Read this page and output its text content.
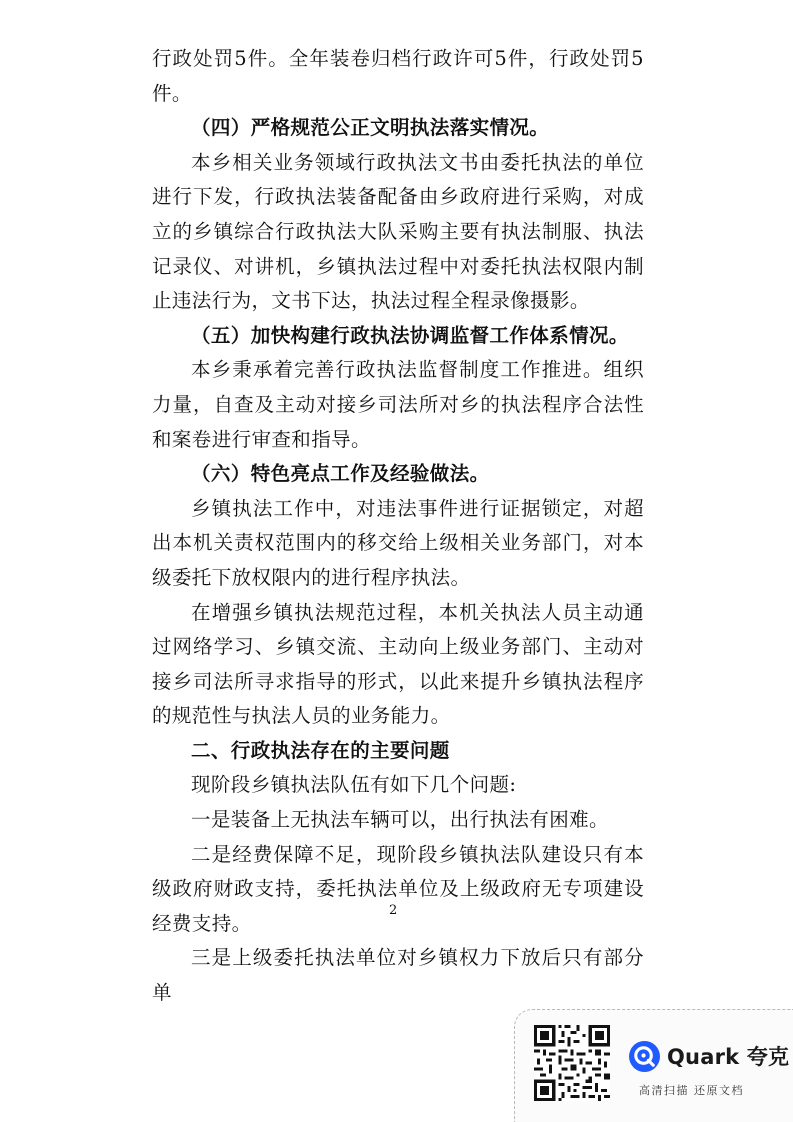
行政处罚5件。全年装卷归档行政许可5件，行政处罚5件。

（四）严格规范公正文明执法落实情况。

本乡相关业务领域行政执法文书由委托执法的单位进行下发，行政执法装备配备由乡政府进行采购，对成立的乡镇综合行政执法大队采购主要有执法制服、执法记录仪、对讲机，乡镇执法过程中对委托执法权限内制止违法行为，文书下达，执法过程全程录像摄影。

（五）加快构建行政执法协调监督工作体系情况。

本乡秉承着完善行政执法监督制度工作推进。组织力量，自查及主动对接乡司法所对乡的执法程序合法性和案卷进行审查和指导。

（六）特色亮点工作及经验做法。

乡镇执法工作中，对违法事件进行证据锁定，对超出本机关责权范围内的移交给上级相关业务部门，对本级委托下放权限内的进行程序执法。

在增强乡镇执法规范过程，本机关执法人员主动通过网络学习、乡镇交流、主动向上级业务部门、主动对接乡司法所寻求指导的形式，以此来提升乡镇执法程序的规范性与执法人员的业务能力。

二、行政执法存在的主要问题

现阶段乡镇执法队伍有如下几个问题:

一是装备上无执法车辆可以，出行执法有困难。

二是经费保障不足，现阶段乡镇执法队建设只有本级政府财政支持，委托执法单位及上级政府无专项建设经费支持。

三是上级委托执法单位对乡镇权力下放后只有部分单

2
Quark 夸克
高清扫描 还原文档
